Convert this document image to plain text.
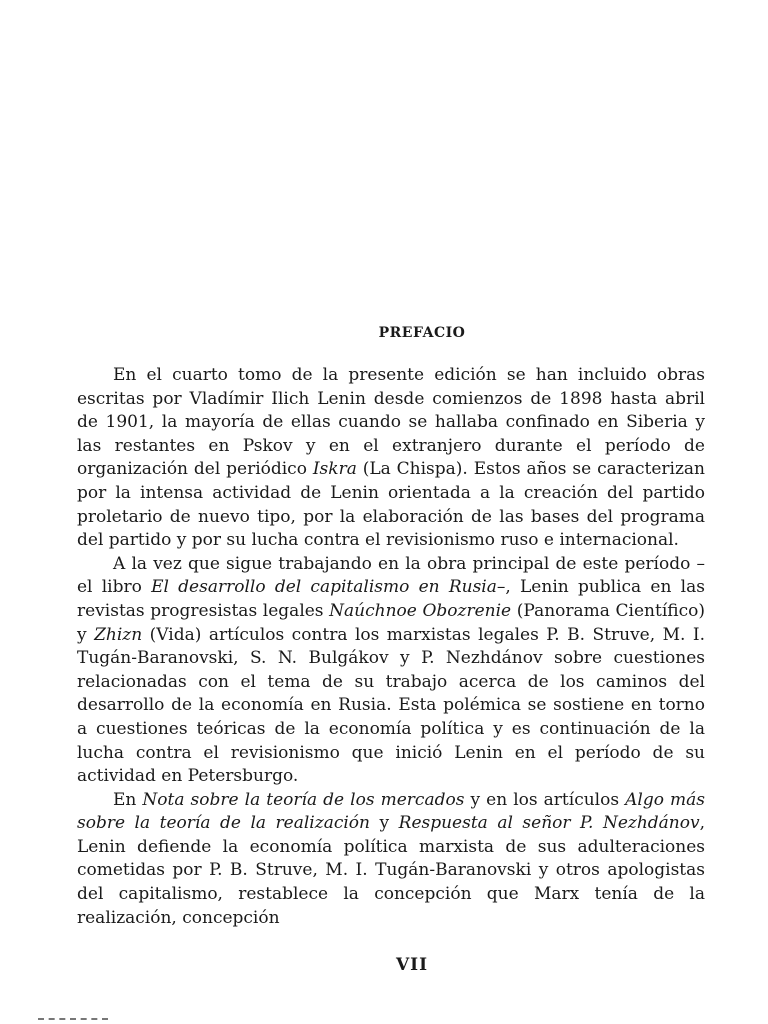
PREFACIO

En el cuarto tomo de la presente edición se han incluido obras escritas por Vladímir Ilich Lenin desde comienzos de 1898 hasta abril de 1901, la mayoría de ellas cuando se hallaba confinado en Siberia y las restantes en Pskov y en el extranjero durante el período de organización del periódico Iskra (La Chispa). Estos años se caracterizan por la intensa actividad de Lenin orientada a la creación del partido proletario de nuevo tipo, por la elaboración de las bases del programa del partido y por su lucha contra el revisionismo ruso e internacional.

A la vez que sigue trabajando en la obra principal de este período –el libro El desarrollo del capitalismo en Rusia–, Lenin publica en las revistas progresistas legales Naúchnoe Obozrenie (Panorama Científico) y Zhizn (Vida) artículos contra los marxistas legales P. B. Struve, M. I. Tugán-Baranovski, S. N. Bulgákov y P. Nezhdánov sobre cuestiones relacionadas con el tema de su trabajo acerca de los caminos del desarrollo de la economía en Rusia. Esta polémica se sostiene en torno a cuestiones teóricas de la economía política y es continuación de la lucha contra el revisionismo que inició Lenin en el período de su actividad en Petersburgo.

En Nota sobre la teoría de los mercados y en los artículos Algo más sobre la teoría de la realización y Respuesta al señor P. Nezhdánov, Lenin defiende la economía política marxista de sus adulteraciones cometidas por P. B. Struve, M. I. Tugán-Baranovski y otros apologistas del capitalismo, restablece la concepción que Marx tenía de la realización, concepción

VII
